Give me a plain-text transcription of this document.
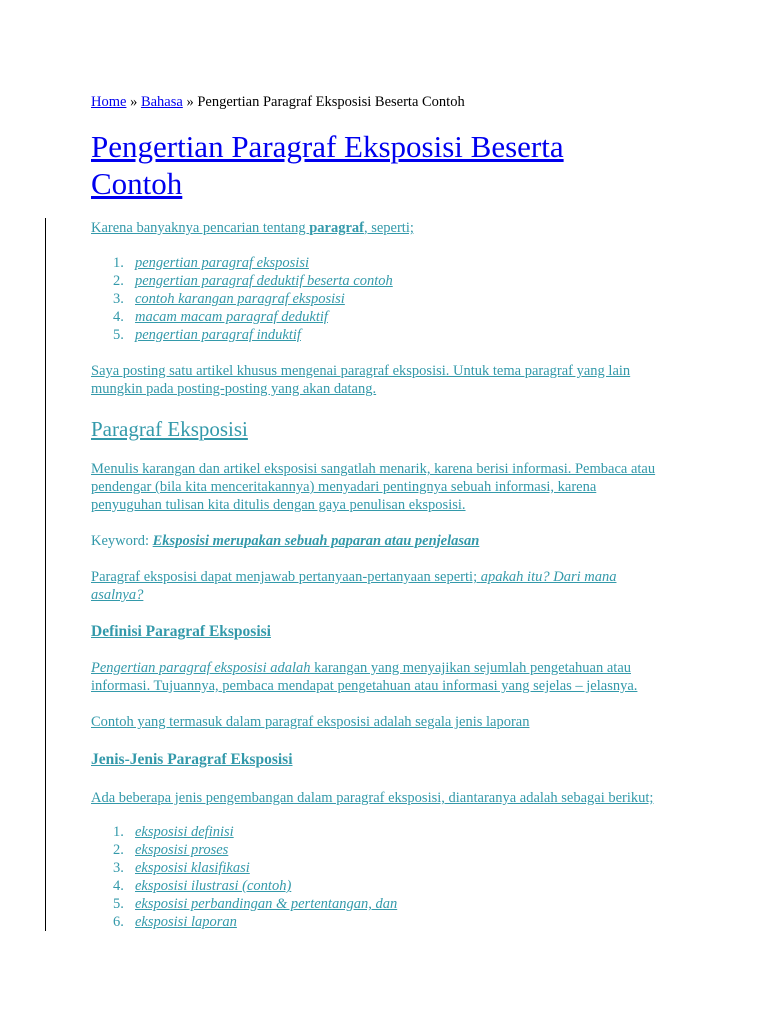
Home » Bahasa » Pengertian Paragraf Eksposisi Beserta Contoh
Pengertian Paragraf Eksposisi Beserta Contoh

Karena banyaknya pencarian tentang paragraf, seperti;

1. pengertian paragraf eksposisi
2. pengertian paragraf deduktif beserta contoh
3. contoh karangan paragraf eksposisi
4. macam macam paragraf deduktif
5. pengertian paragraf induktif

Saya posting satu artikel khusus mengenai paragraf eksposisi. Untuk tema paragraf yang lain
mungkin pada posting-posting yang akan datang.

Paragraf Eksposisi

Menulis karangan dan artikel eksposisi sangatlah menarik, karena berisi informasi. Pembaca atau
pendengar (bila kita menceritakannya) menyadari pentingnya sebuah informasi, karena
penyuguhan tulisan kita ditulis dengan gaya penulisan eksposisi.

Keyword: Eksposisi merupakan sebuah paparan atau penjelasan

Paragraf eksposisi dapat menjawab pertanyaan-pertanyaan seperti; apakah itu? Dari mana
asalnya?

Definisi Paragraf Eksposisi

Pengertian paragraf eksposisi adalah karangan yang menyajikan sejumlah pengetahuan atau
informasi. Tujuannya, pembaca mendapat pengetahuan atau informasi yang sejelas – jelasnya.

Contoh yang termasuk dalam paragraf eksposisi adalah segala jenis laporan

Jenis-Jenis Paragraf Eksposisi

Ada beberapa jenis pengembangan dalam paragraf eksposisi, diantaranya adalah sebagai berikut;

1. eksposisi definisi
2. eksposisi proses
3. eksposisi klasifikasi
4. eksposisi ilustrasi (contoh)
5. eksposisi perbandingan & pertentangan, dan
6. eksposisi laporan
